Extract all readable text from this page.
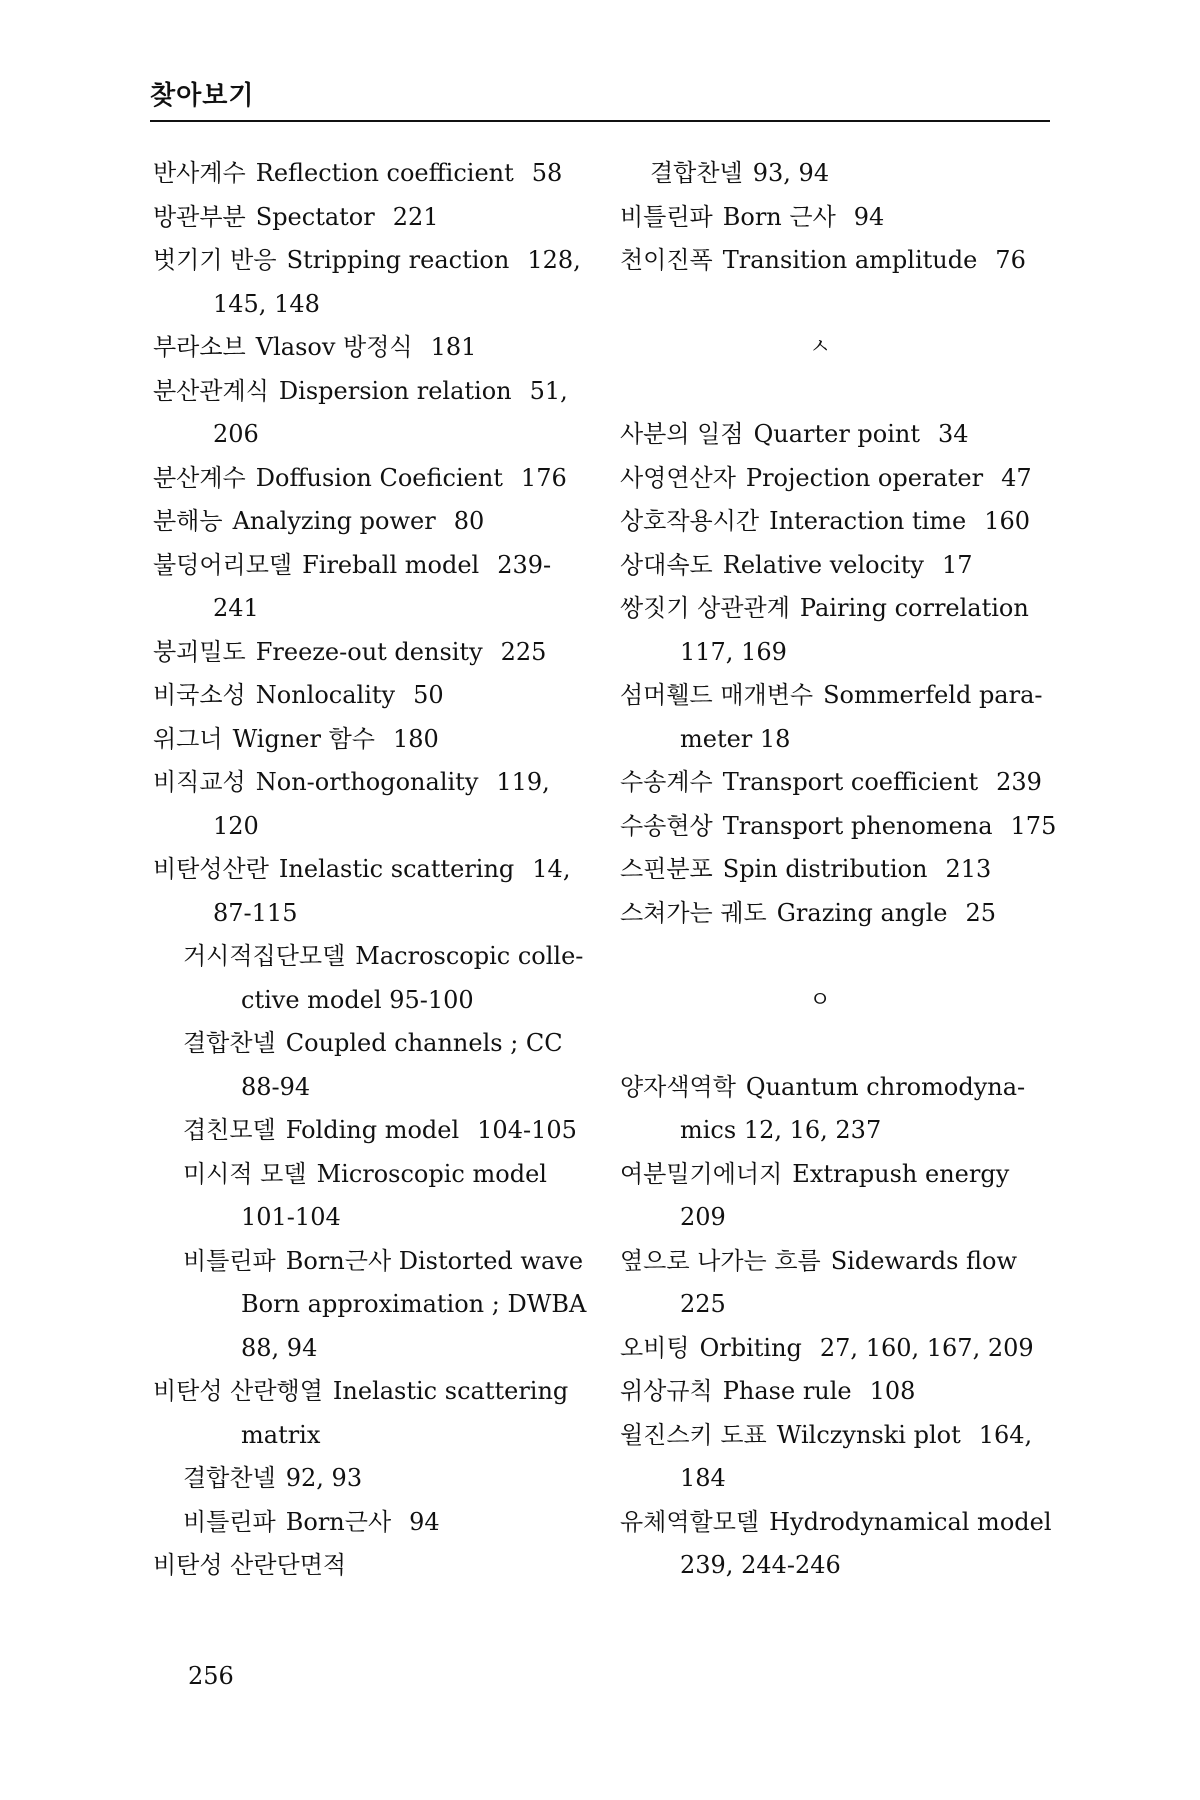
찾아보기
반사계수 Reflection coefficient 58
방관부분 Spectator 221
벗기기 반응 Stripping reaction 128,
145, 148
부라소브 Vlasov 방정식 181
분산관계식 Dispersion relation 51,
206
분산계수 Doffusion Coeficient 176
분해능 Analyzing power 80
불덩어리모델 Fireball model 239-
241
붕괴밀도 Freeze-out density 225
비국소성 Nonlocality 50
위그너 Wigner 함수 180
비직교성 Non-orthogonality 119,
120
비탄성산란 Inelastic scattering 14,
87-115
거시적집단모델 Macroscopic colle-
ctive model 95-100
결합찬넬 Coupled channels ; CC
88-94
겹친모델 Folding model 104-105
미시적 모델 Microscopic model
101-104
비틀린파 Born근사 Distorted wave
Born approximation ; DWBA
88, 94
비탄성 산란행열 Inelastic scattering
matrix
결합찬넬 92, 93
비틀린파 Born근사 94
비탄성 산란단면적
결합찬넬 93, 94
비틀린파 Born 근사 94
천이진폭 Transition amplitude 76
ㅅ
사분의 일점 Quarter point 34
사영연산자 Projection operater 47
상호작용시간 Interaction time 160
상대속도 Relative velocity 17
쌍짓기 상관관계 Pairing correlation
117, 169
섬머휄드 매개변수 Sommerfeld para-
meter 18
수송계수 Transport coefficient 239
수송현상 Transport phenomena 175
스핀분포 Spin distribution 213
스쳐가는 궤도 Grazing angle 25
ㅇ
양자색역학 Quantum chromodyna-
mics 12, 16, 237
여분밀기에너지 Extrapush energy
209
옆으로 나가는 흐름 Sidewards flow
225
오비팅 Orbiting 27, 160, 167, 209
위상규칙 Phase rule 108
윌진스키 도표 Wilczynski plot 164,
184
유체역할모델 Hydrodynamical model
239, 244-246
256
